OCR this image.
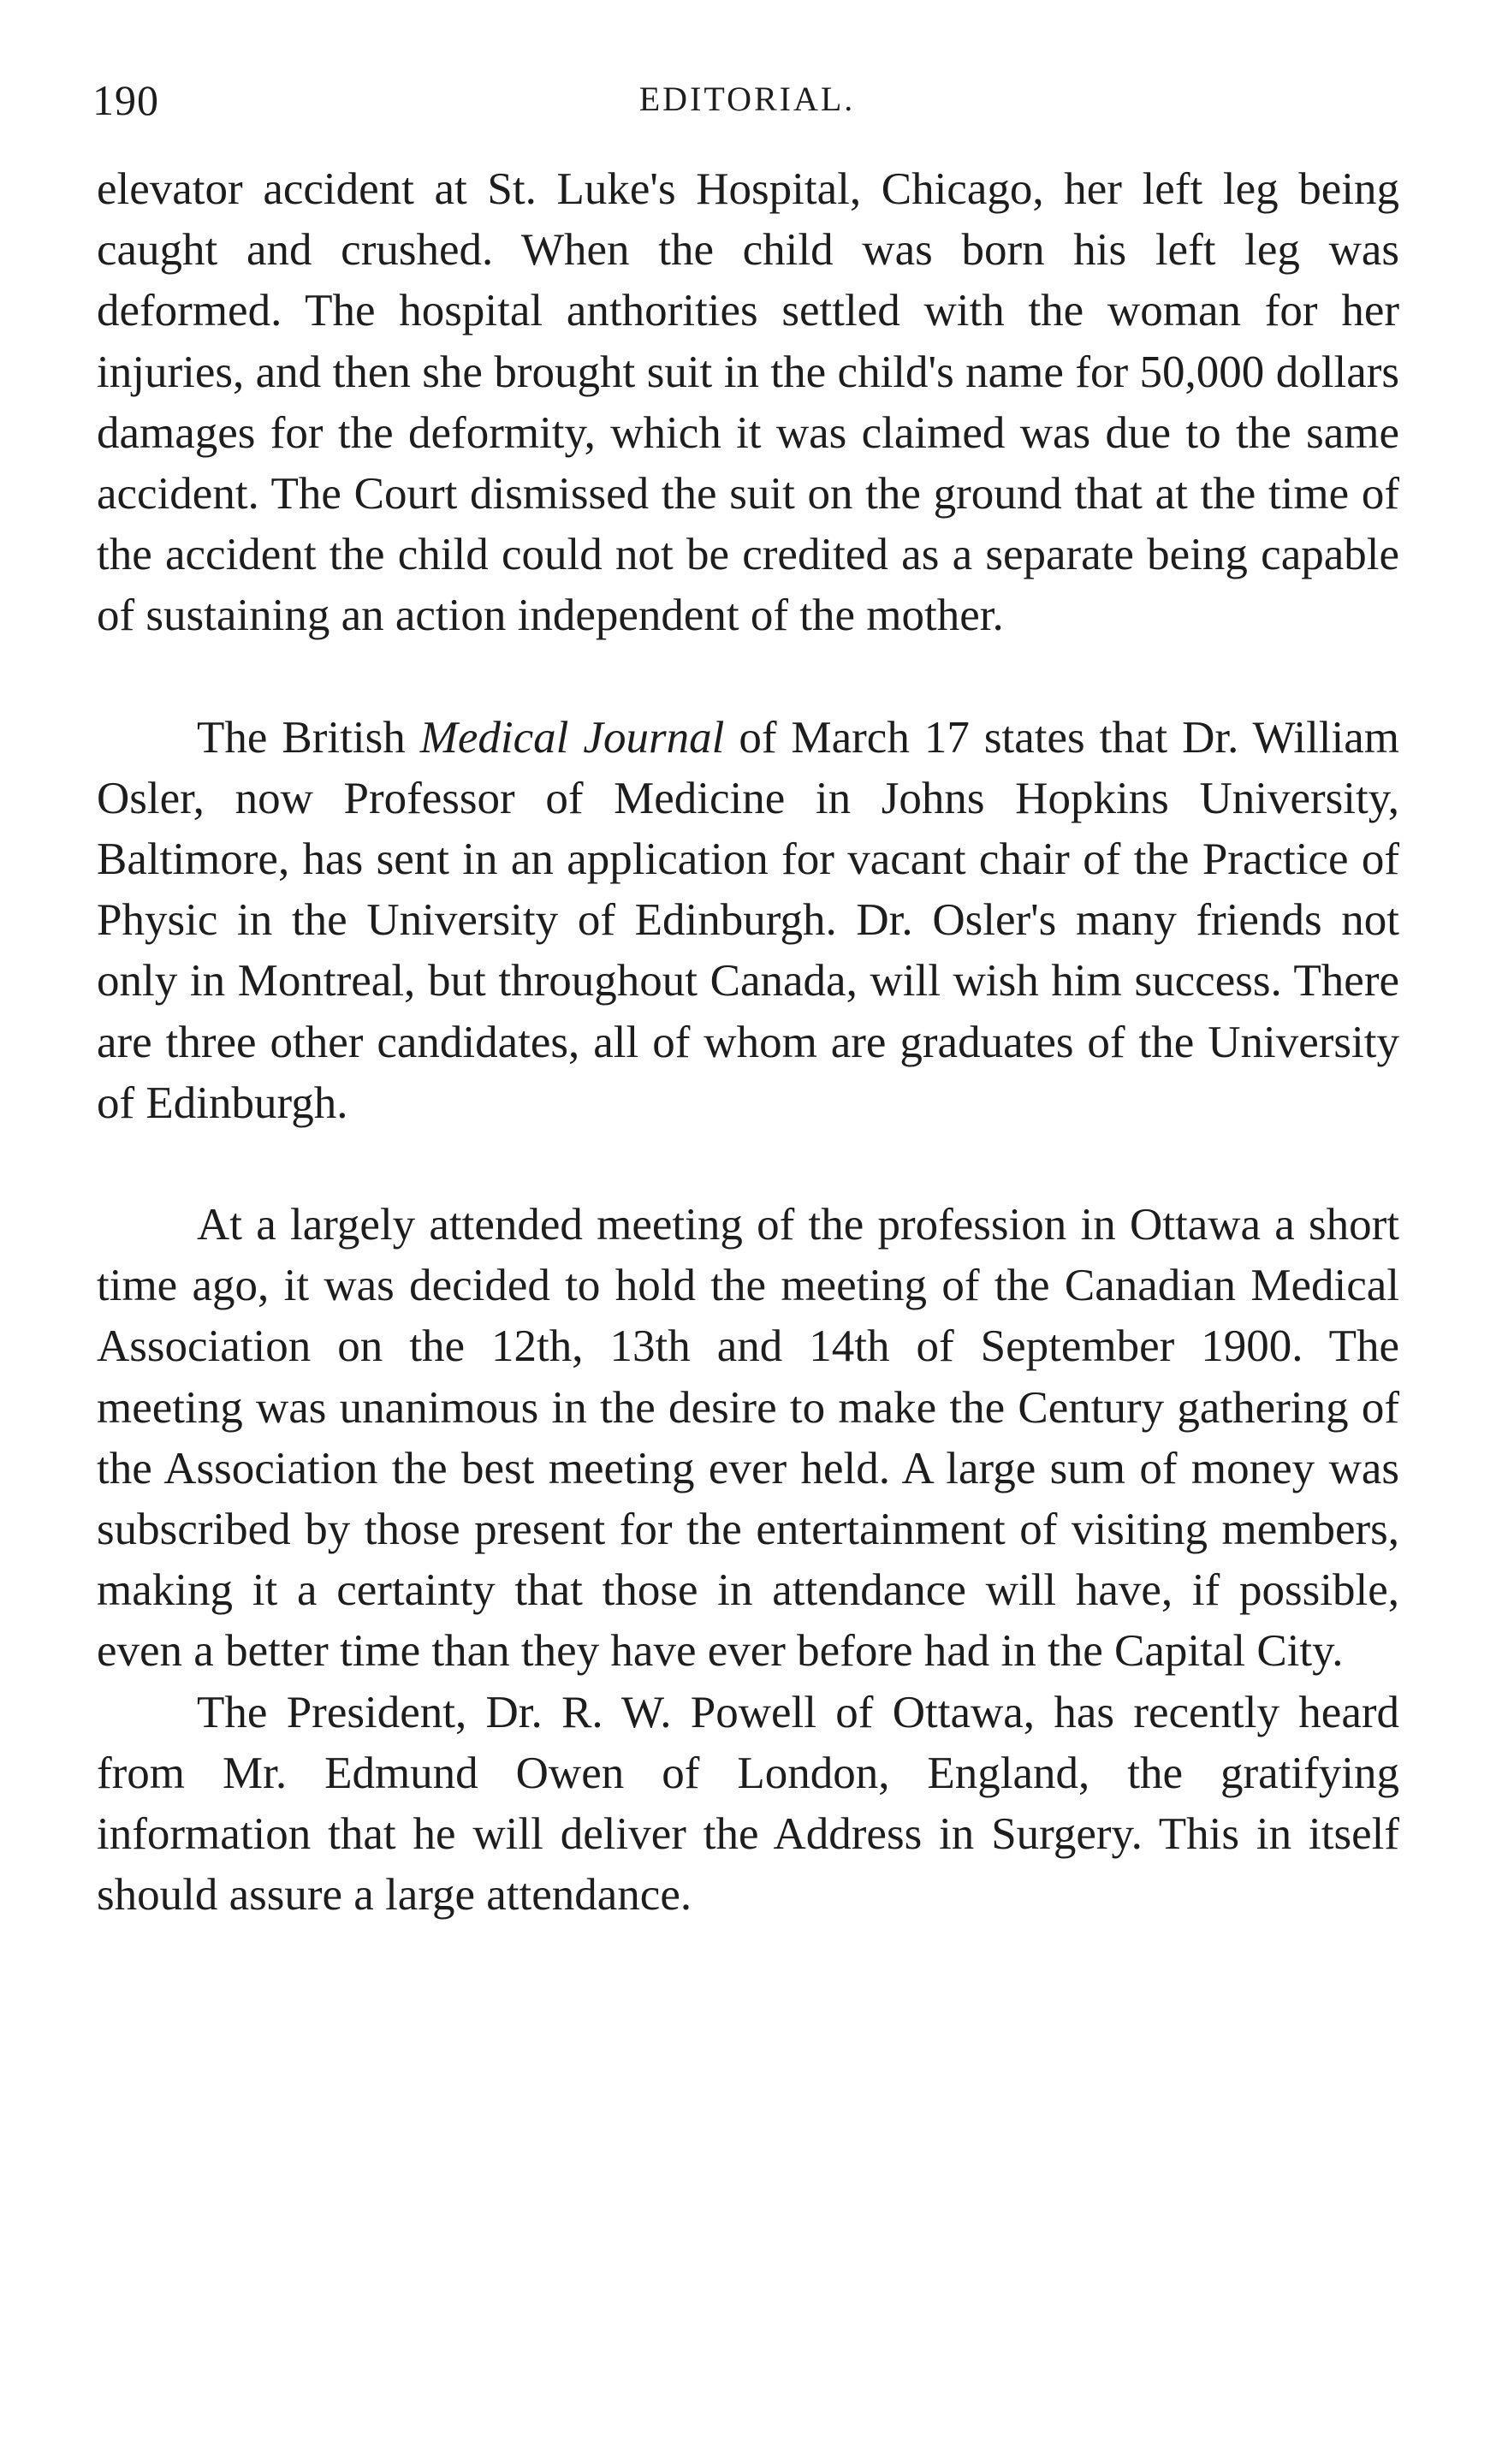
190	EDITORIAL.

elevator accident at St. Luke's Hospital, Chicago, her left leg being caught and crushed. When the child was born his left leg was deformed. The hospital anthorities settled with the woman for her injuries, and then she brought suit in the child's name for 50,000 dollars damages for the deformity, which it was claimed was due to the same accident. The Court dismissed the suit on the ground that at the time of the accident the child could not be credited as a separate being capable of sustaining an action independent of the mother.

The British Medical Journal of March 17 states that Dr. William Osler, now Professor of Medicine in Johns Hopkins University, Baltimore, has sent in an application for vacant chair of the Practice of Physic in the University of Edinburgh. Dr. Osler's many friends not only in Montreal, but throughout Canada, will wish him success. There are three other candidates, all of whom are graduates of the University of Edinburgh.

At a largely attended meeting of the profession in Ottawa a short time ago, it was decided to hold the meeting of the Canadian Medical Association on the 12th, 13th and 14th of September 1900. The meeting was unanimous in the desire to make the Century gathering of the Association the best meeting ever held. A large sum of money was subscribed by those present for the entertainment of visiting members, making it a certainty that those in attendance will have, if possible, even a better time than they have ever before had in the Capital City.

The President, Dr. R. W. Powell of Ottawa, has recently heard from Mr. Edmund Owen of London, England, the gratifying information that he will deliver the Address in Surgery. This in itself should assure a large attendance.
